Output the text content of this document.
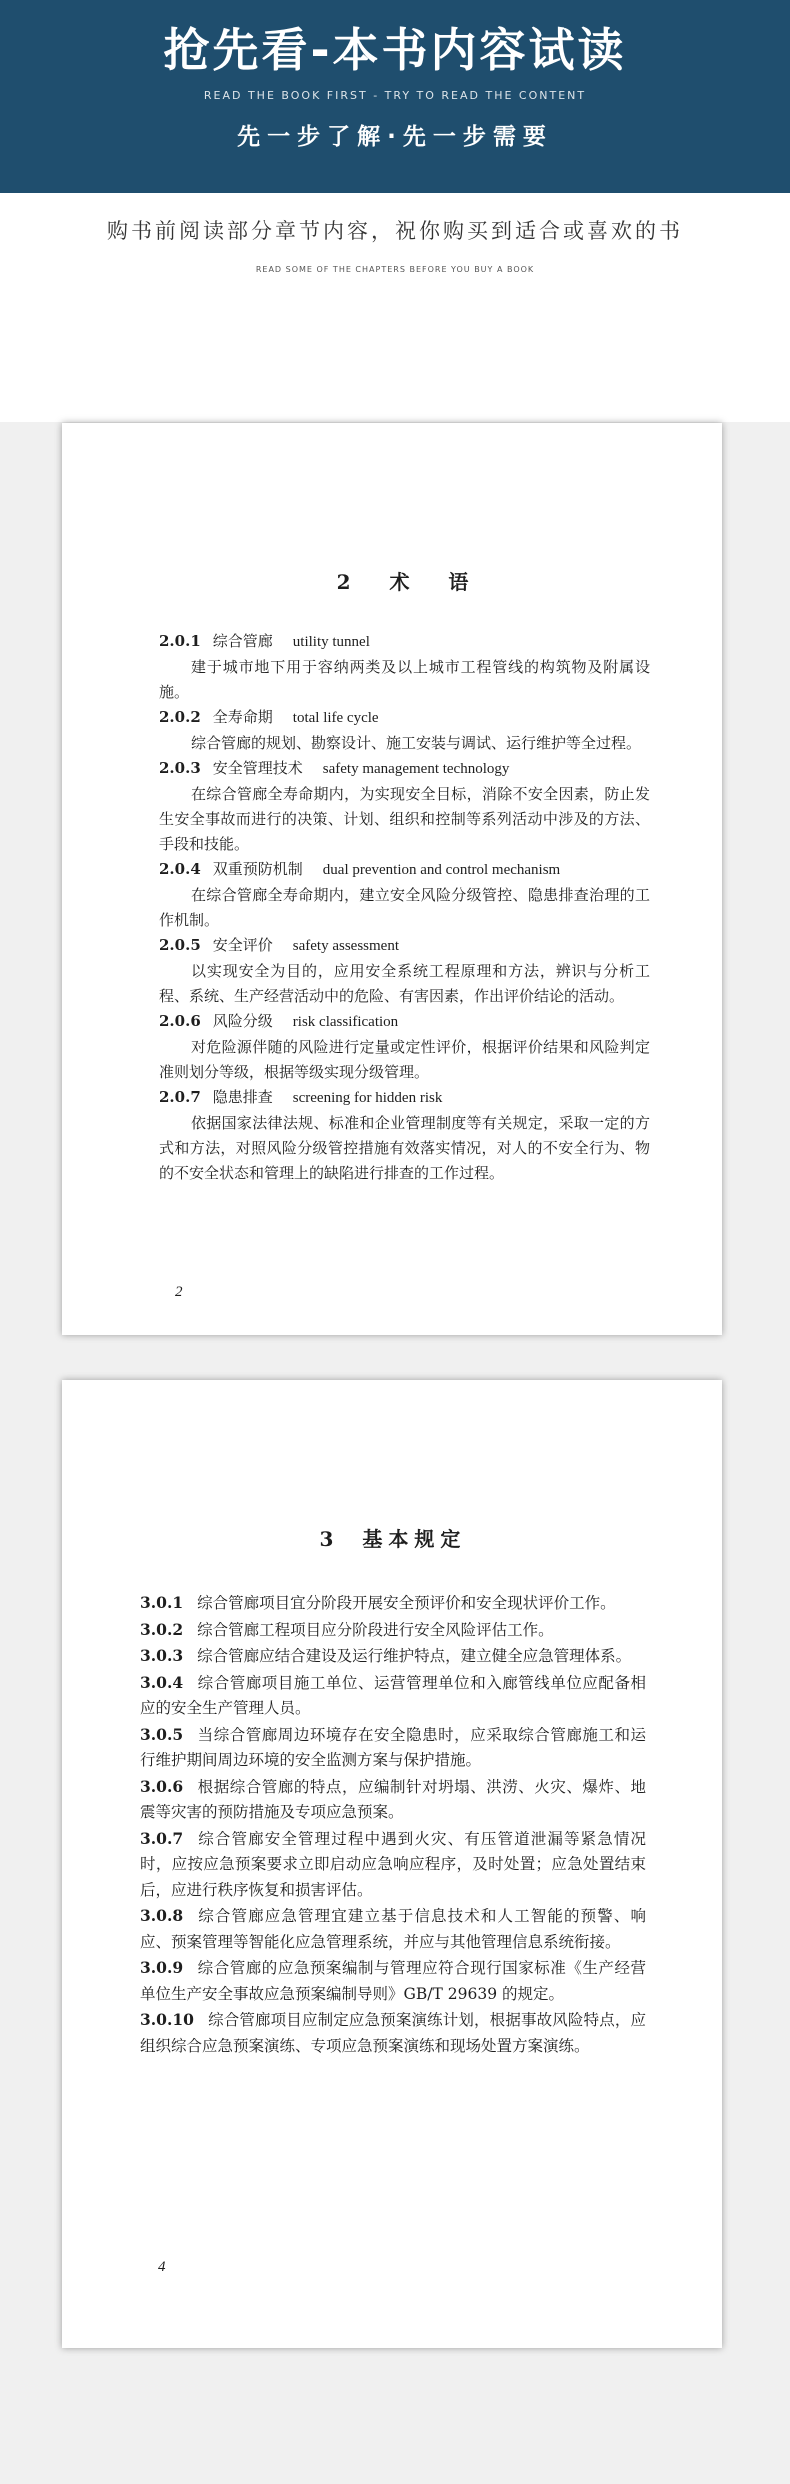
抢先看-本书内容试读
READ THE BOOK FIRST - TRY TO READ THE CONTENT
先一步了解·先一步需要
购书前阅读部分章节内容，祝你购买到适合或喜欢的书
READ SOME OF THE CHAPTERS BEFORE YOU BUY A BOOK
2 术 语
2.0.1 综合管廊 utility tunnel
建于城市地下用于容纳两类及以上城市工程管线的构筑物及附属设施。
2.0.2 全寿命期 total life cycle
综合管廊的规划、勘察设计、施工安装与调试、运行维护等全过程。
2.0.3 安全管理技术 safety management technology
在综合管廊全寿命期内，为实现安全目标，消除不安全因素，防止发生安全事故而进行的决策、计划、组织和控制等系列活动中涉及的方法、手段和技能。
2.0.4 双重预防机制 dual prevention and control mechanism
在综合管廊全寿命期内，建立安全风险分级管控、隐患排查治理的工作机制。
2.0.5 安全评价 safety assessment
以实现安全为目的，应用安全系统工程原理和方法，辨识与分析工程、系统、生产经营活动中的危险、有害因素，作出评价结论的活动。
2.0.6 风险分级 risk classification
对危险源伴随的风险进行定量或定性评价，根据评价结果和风险判定准则划分等级，根据等级实现分级管理。
2.0.7 隐患排查 screening for hidden risk
依据国家法律法规、标准和企业管理制度等有关规定，采取一定的方式和方法，对照风险分级管控措施有效落实情况，对人的不安全行为、物的不安全状态和管理上的缺陷进行排查的工作过程。
2
3 基本规定
3.0.1 综合管廊项目宜分阶段开展安全预评价和安全现状评价工作。
3.0.2 综合管廊工程项目应分阶段进行安全风险评估工作。
3.0.3 综合管廊应结合建设及运行维护特点，建立健全应急管理体系。
3.0.4 综合管廊项目施工单位、运营管理单位和入廊管线单位应配备相应的安全生产管理人员。
3.0.5 当综合管廊周边环境存在安全隐患时，应采取综合管廊施工和运行维护期间周边环境的安全监测方案与保护措施。
3.0.6 根据综合管廊的特点，应编制针对坍塌、洪涝、火灾、爆炸、地震等灾害的预防措施及专项应急预案。
3.0.7 综合管廊安全管理过程中遇到火灾、有压管道泄漏等紧急情况时，应按应急预案要求立即启动应急响应程序，及时处置；应急处置结束后，应进行秩序恢复和损害评估。
3.0.8 综合管廊应急管理宜建立基于信息技术和人工智能的预警、响应、预案管理等智能化应急管理系统，并应与其他管理信息系统衔接。
3.0.9 综合管廊的应急预案编制与管理应符合现行国家标准《生产经营单位生产安全事故应急预案编制导则》GB/T 29639 的规定。
3.0.10 综合管廊项目应制定应急预案演练计划，根据事故风险特点，应组织综合应急预案演练、专项应急预案演练和现场处置方案演练。
4
